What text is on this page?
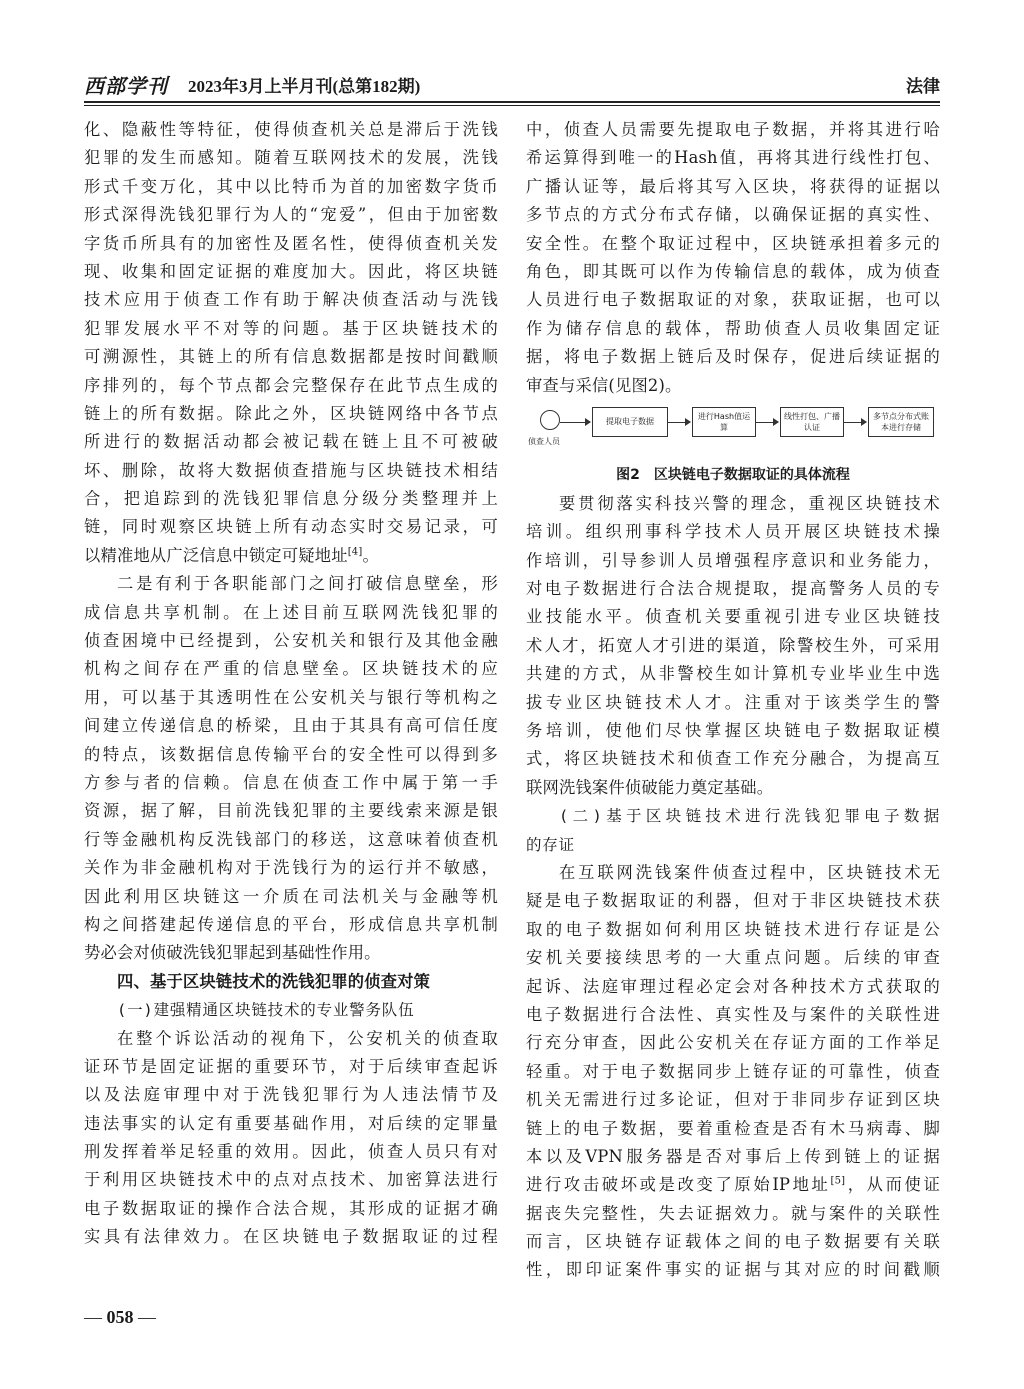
西部学刊 2023年3月上半月刊(总第182期)	法律
化、隐蔽性等特征，使得侦查机关总是滞后于洗钱
犯罪的发生而感知。随着互联网技术的发展，洗钱
形式千变万化，其中以比特币为首的加密数字货币
形式深得洗钱犯罪行为人的“宠爱”，但由于加密数
字货币所具有的加密性及匿名性，使得侦查机关发
现、收集和固定证据的难度加大。因此，将区块链
技术应用于侦查工作有助于解决侦查活动与洗钱
犯罪发展水平不对等的问题。基于区块链技术的
可溯源性，其链上的所有信息数据都是按时间戳顺
序排列的，每个节点都会完整保存在此节点生成的
链上的所有数据。除此之外，区块链网络中各节点
所进行的数据活动都会被记载在链上且不可被破
坏、删除，故将大数据侦查措施与区块链技术相结
合，把追踪到的洗钱犯罪信息分级分类整理并上
链，同时观察区块链上所有动态实时交易记录，可
以精准地从广泛信息中锁定可疑地址[4]。
二是有利于各职能部门之间打破信息壁垒，形
成信息共享机制。在上述目前互联网洗钱犯罪的
侦查困境中已经提到，公安机关和银行及其他金融
机构之间存在严重的信息壁垒。区块链技术的应
用，可以基于其透明性在公安机关与银行等机构之
间建立传递信息的桥梁，且由于其具有高可信任度
的特点，该数据信息传输平台的安全性可以得到多
方参与者的信赖。信息在侦查工作中属于第一手
资源，据了解，目前洗钱犯罪的主要线索来源是银
行等金融机构反洗钱部门的移送，这意味着侦查机
关作为非金融机构对于洗钱行为的运行并不敏感，
因此利用区块链这一介质在司法机关与金融等机
构之间搭建起传递信息的平台，形成信息共享机制
势必会对侦破洗钱犯罪起到基础性作用。
四、基于区块链技术的洗钱犯罪的侦查对策
(一)建强精通区块链技术的专业警务队伍
在整个诉讼活动的视角下，公安机关的侦查取
证环节是固定证据的重要环节，对于后续审查起诉
以及法庭审理中对于洗钱犯罪行为人违法情节及
违法事实的认定有重要基础作用，对后续的定罪量
刑发挥着举足轻重的效用。因此，侦查人员只有对
于利用区块链技术中的点对点技术、加密算法进行
电子数据取证的操作合法合规，其形成的证据才确
实具有法律效力。在区块链电子数据取证的过程
中，侦查人员需要先提取电子数据，并将其进行哈
希运算得到唯一的Hash值，再将其进行线性打包、
广播认证等，最后将其写入区块，将获得的证据以
多节点的方式分布式存储，以确保证据的真实性、
安全性。在整个取证过程中，区块链承担着多元的
角色，即其既可以作为传输信息的载体，成为侦查
人员进行电子数据取证的对象，获取证据，也可以
作为储存信息的载体，帮助侦查人员收集固定证
据，将电子数据上链后及时保存，促进后续证据的
审查与采信(见图2)。
侦查人员
提取电子数据
进行Hash值运算
线性打包、广播认证
多节点分布式账本进行存储
图2　区块链电子数据取证的具体流程
要贯彻落实科技兴警的理念，重视区块链技术
培训。组织刑事科学技术人员开展区块链技术操
作培训，引导参训人员增强程序意识和业务能力，
对电子数据进行合法合规提取，提高警务人员的专
业技能水平。侦查机关要重视引进专业区块链技
术人才，拓宽人才引进的渠道，除警校生外，可采用
共建的方式，从非警校生如计算机专业毕业生中选
拔专业区块链技术人才。注重对于该类学生的警
务培训，使他们尽快掌握区块链电子数据取证模
式，将区块链技术和侦查工作充分融合，为提高互
联网洗钱案件侦破能力奠定基础。
(二)基于区块链技术进行洗钱犯罪电子数据
的存证
在互联网洗钱案件侦查过程中，区块链技术无
疑是电子数据取证的利器，但对于非区块链技术获
取的电子数据如何利用区块链技术进行存证是公
安机关要接续思考的一大重点问题。后续的审查
起诉、法庭审理过程必定会对各种技术方式获取的
电子数据进行合法性、真实性及与案件的关联性进
行充分审查，因此公安机关在存证方面的工作举足
轻重。对于电子数据同步上链存证的可靠性，侦查
机关无需进行过多论证，但对于非同步存证到区块
链上的电子数据，要着重检查是否有木马病毒、脚
本以及VPN服务器是否对事后上传到链上的证据
进行攻击破坏或是改变了原始IP地址[5]，从而使证
据丧失完整性，失去证据效力。就与案件的关联性
而言，区块链存证载体之间的电子数据要有关联
性，即印证案件事实的证据与其对应的时间戳顺
— 058 —
